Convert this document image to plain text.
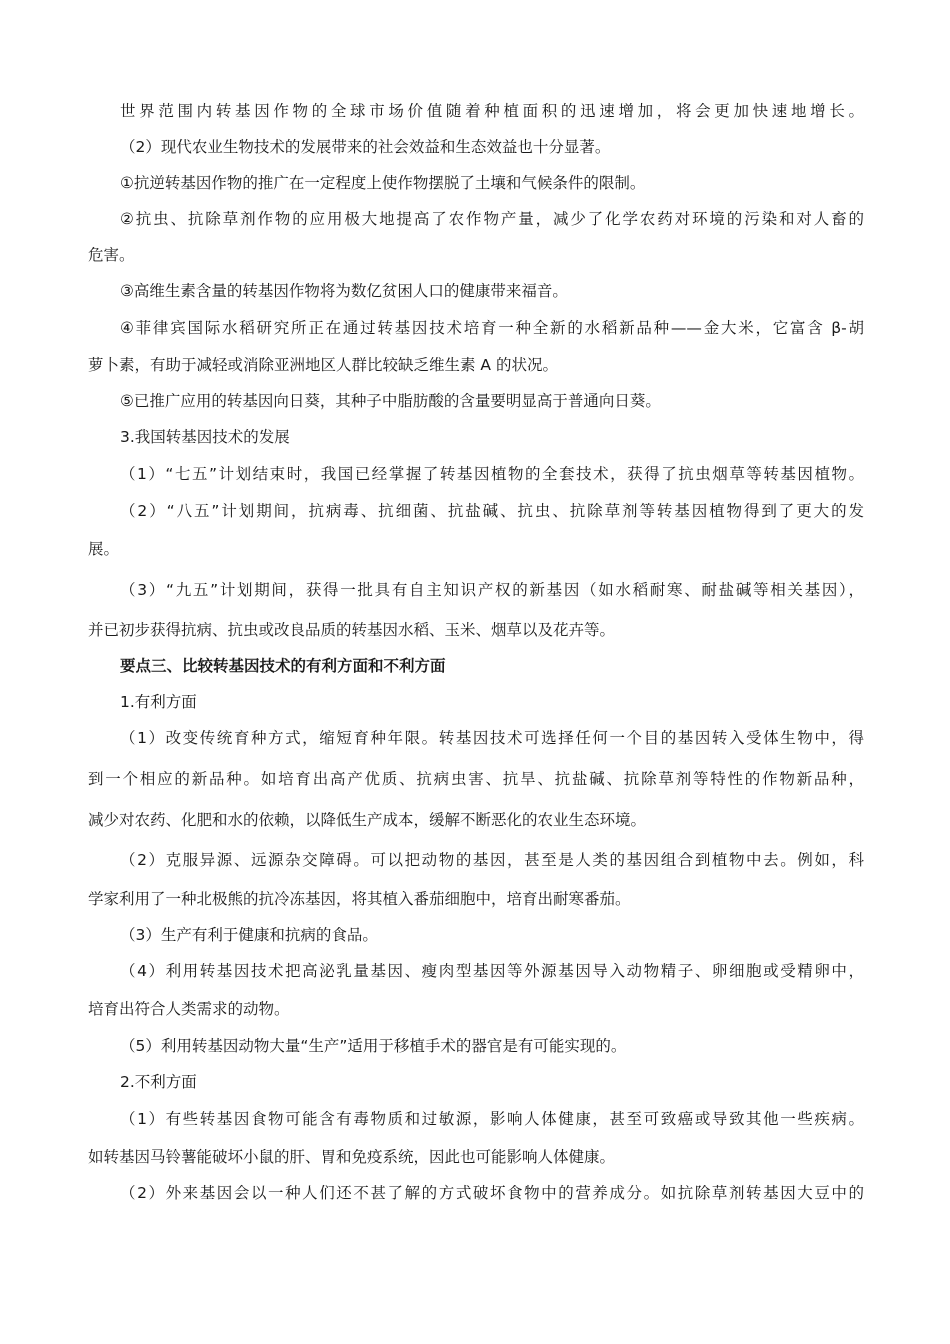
世界范围内转基因作物的全球市场价值随着种植面积的迅速增加，将会更加快速地增长。
（2）现代农业生物技术的发展带来的社会效益和生态效益也十分显著。
①抗逆转基因作物的推广在一定程度上使作物摆脱了土壤和气候条件的限制。
②抗虫、抗除草剂作物的应用极大地提高了农作物产量，减少了化学农药对环境的污染和对人畜的
危害。
③高维生素含量的转基因作物将为数亿贫困人口的健康带来福音。
④菲律宾国际水稻研究所正在通过转基因技术培育一种全新的水稻新品种——金大米，它富含 β-胡
萝卜素，有助于减轻或消除亚洲地区人群比较缺乏维生素 A 的状况。
⑤已推广应用的转基因向日葵，其种子中脂肪酸的含量要明显高于普通向日葵。
3.我国转基因技术的发展
（1）“七五”计划结束时，我国已经掌握了转基因植物的全套技术，获得了抗虫烟草等转基因植物。
（2）“八五”计划期间，抗病毒、抗细菌、抗盐碱、抗虫、抗除草剂等转基因植物得到了更大的发
展。
（3）“九五”计划期间，获得一批具有自主知识产权的新基因（如水稻耐寒、耐盐碱等相关基因），
并已初步获得抗病、抗虫或改良品质的转基因水稻、玉米、烟草以及花卉等。
要点三、比较转基因技术的有利方面和不利方面
1.有利方面
（1）改变传统育种方式，缩短育种年限。转基因技术可选择任何一个目的基因转入受体生物中，得
到一个相应的新品种。如培育出高产优质、抗病虫害、抗旱、抗盐碱、抗除草剂等特性的作物新品种，
减少对农药、化肥和水的依赖，以降低生产成本，缓解不断恶化的农业生态环境。
（2）克服异源、远源杂交障碍。可以把动物的基因，甚至是人类的基因组合到植物中去。例如，科
学家利用了一种北极熊的抗冷冻基因，将其植入番茄细胞中，培育出耐寒番茄。
（3）生产有利于健康和抗病的食品。
（4）利用转基因技术把高泌乳量基因、瘦肉型基因等外源基因导入动物精子、卵细胞或受精卵中，
培育出符合人类需求的动物。
（5）利用转基因动物大量“生产”适用于移植手术的器官是有可能实现的。
2.不利方面
（1）有些转基因食物可能含有毒物质和过敏源，影响人体健康，甚至可致癌或导致其他一些疾病。
如转基因马铃薯能破坏小鼠的肝、胃和免疫系统，因此也可能影响人体健康。
（2）外来基因会以一种人们还不甚了解的方式破坏食物中的营养成分。如抗除草剂转基因大豆中的
